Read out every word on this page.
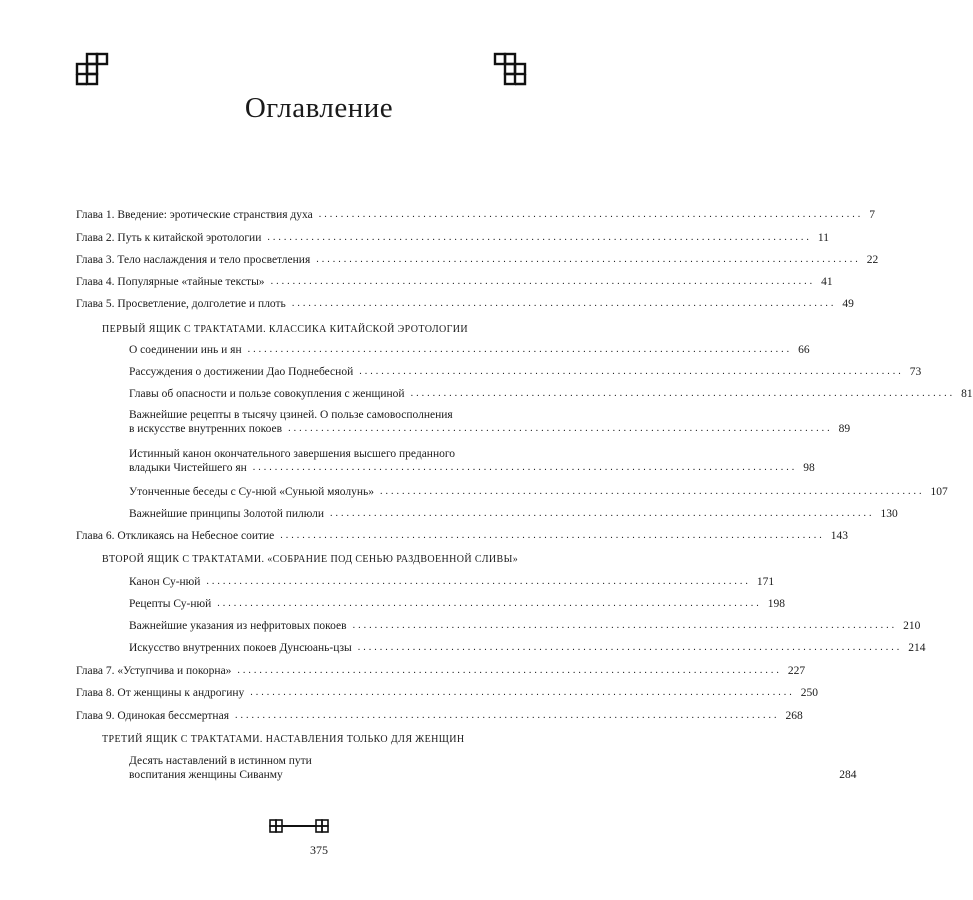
Оглавление
Глава 1. Введение: эротические странствия духа ................................................................................................... 7
Глава 2. Путь к китайской эротологии ................................................................................................... 11
Глава 3. Тело наслаждения и тело просветления ................................................................................................... 22
Глава 4. Популярные «тайные тексты» ................................................................................................... 41
Глава 5. Просветление, долголетие и плоть ................................................................................................... 49
ПЕРВЫЙ ЯЩИК С ТРАКТАТАМИ. КЛАССИКА КИТАЙСКОЙ ЭРОТОЛОГИИ
О соединении инь и ян ................................................................................................... 66
Рассуждения о достижении Дао Поднебесной ................................................................................................... 73
Главы об опасности и пользе совокупления с женщиной ................................................................................................... 81
Важнейшие рецепты в тысячу цзиней. О пользе самовосполнения
в искусстве внутренних покоев ................................................................................................... 89
Истинный канон окончательного завершения высшего преданного
владыки Чистейшего ян ................................................................................................... 98
Утонченные беседы с Су-нюй «Суньюй мяолунь» ................................................................................................... 107
Важнейшие принципы Золотой пилюли ................................................................................................... 130
Глава 6. Откликаясь на Небесное соитие ................................................................................................... 143
ВТОРОЙ ЯЩИК С ТРАКТАТАМИ. «СОБРАНИЕ ПОД СЕНЬЮ РАЗДВОЕННОЙ СЛИВЫ»
Канон Су-нюй ................................................................................................... 171
Рецепты Су-нюй ................................................................................................... 198
Важнейшие указания из нефритовых покоев ................................................................................................... 210
Искусство внутренних покоев Дунсюань-цзы ................................................................................................... 214
Глава 7. «Уступчива и покорна» ................................................................................................... 227
Глава 8. От женщины к андрогину ................................................................................................... 250
Глава 9. Одинокая бессмертная ................................................................................................... 268
ТРЕТИЙ ЯЩИК С ТРАКТАТАМИ. НАСТАВЛЕНИЯ ТОЛЬКО ДЛЯ ЖЕНЩИН
Десять наставлений в истинном пути
воспитания женщины Сиванму	284
375
